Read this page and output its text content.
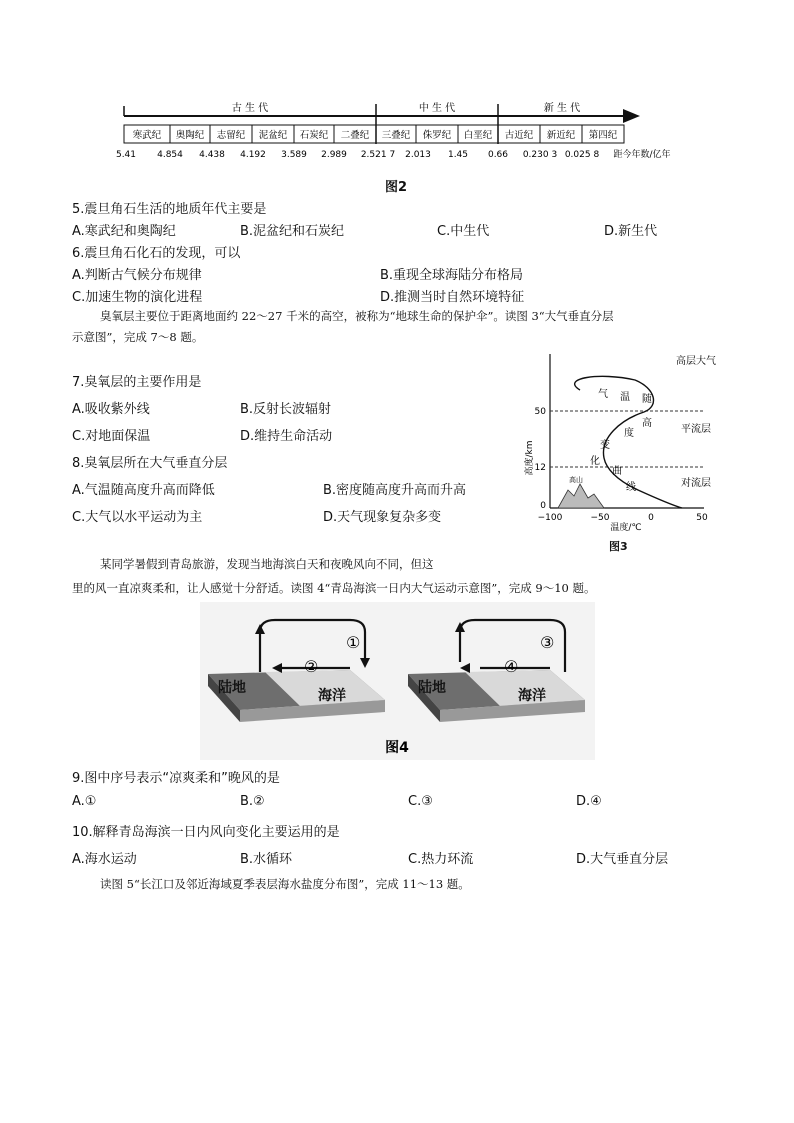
古 生 代	中 生 代	新 生 代
寒武纪 奥陶纪 志留纪 泥盆纪 石炭纪 二叠纪 三叠纪 侏罗纪 白垩纪 古近纪 新近纪 第四纪
5.41 4.854 4.438 4.192 3.589 2.989 2.521 7 2.013 1.45 0.66 0.230 3 0.025 8 距今年数/亿年
图2
5.震旦角石生活的地质年代主要是
A.寒武纪和奥陶纪	B.泥盆纪和石炭纪	C.中生代	D.新生代
6.震旦角石化石的发现，可以
A.判断古气候分布规律	B.重现全球海陆分布格局
C.加速生物的演化进程	D.推测当时自然环境特征
臭氧层主要位于距离地面约 22～27 千米的高空，被称为“地球生命的保护伞”。读图 3“大气垂直分层
示意图”，完成 7～8 题。
7.臭氧层的主要作用是
A.吸收紫外线	B.反射长波辐射
C.对地面保温	D.维持生命活动
8.臭氧层所在大气垂直分层
A.气温随高度升高而降低	B.密度随高度升高而升高
C.大气以水平运动为主	D.天气现象复杂多变
50
12
0
高度/km
−100	−50	0	50
温度/℃
高山
气 温 随
高
度
变
化
曲
线
高层大气
平流层
对流层
图3
某同学暑假到青岛旅游，发现当地海滨白天和夜晚风向不同，但这
里的风一直凉爽柔和，让人感觉十分舒适。读图 4“青岛海滨一日内大气运动示意图”，完成 9～10 题。
陆地	海洋	陆地	海洋
①
②
③
④
图4
9.图中序号表示“凉爽柔和”晚风的是
A.①	B.②	C.③	D.④
10.解释青岛海滨一日内风向变化主要运用的是
A.海水运动	B.水循环	C.热力环流	D.大气垂直分层
读图 5“长江口及邻近海域夏季表层海水盐度分布图”，完成 11～13 题。
